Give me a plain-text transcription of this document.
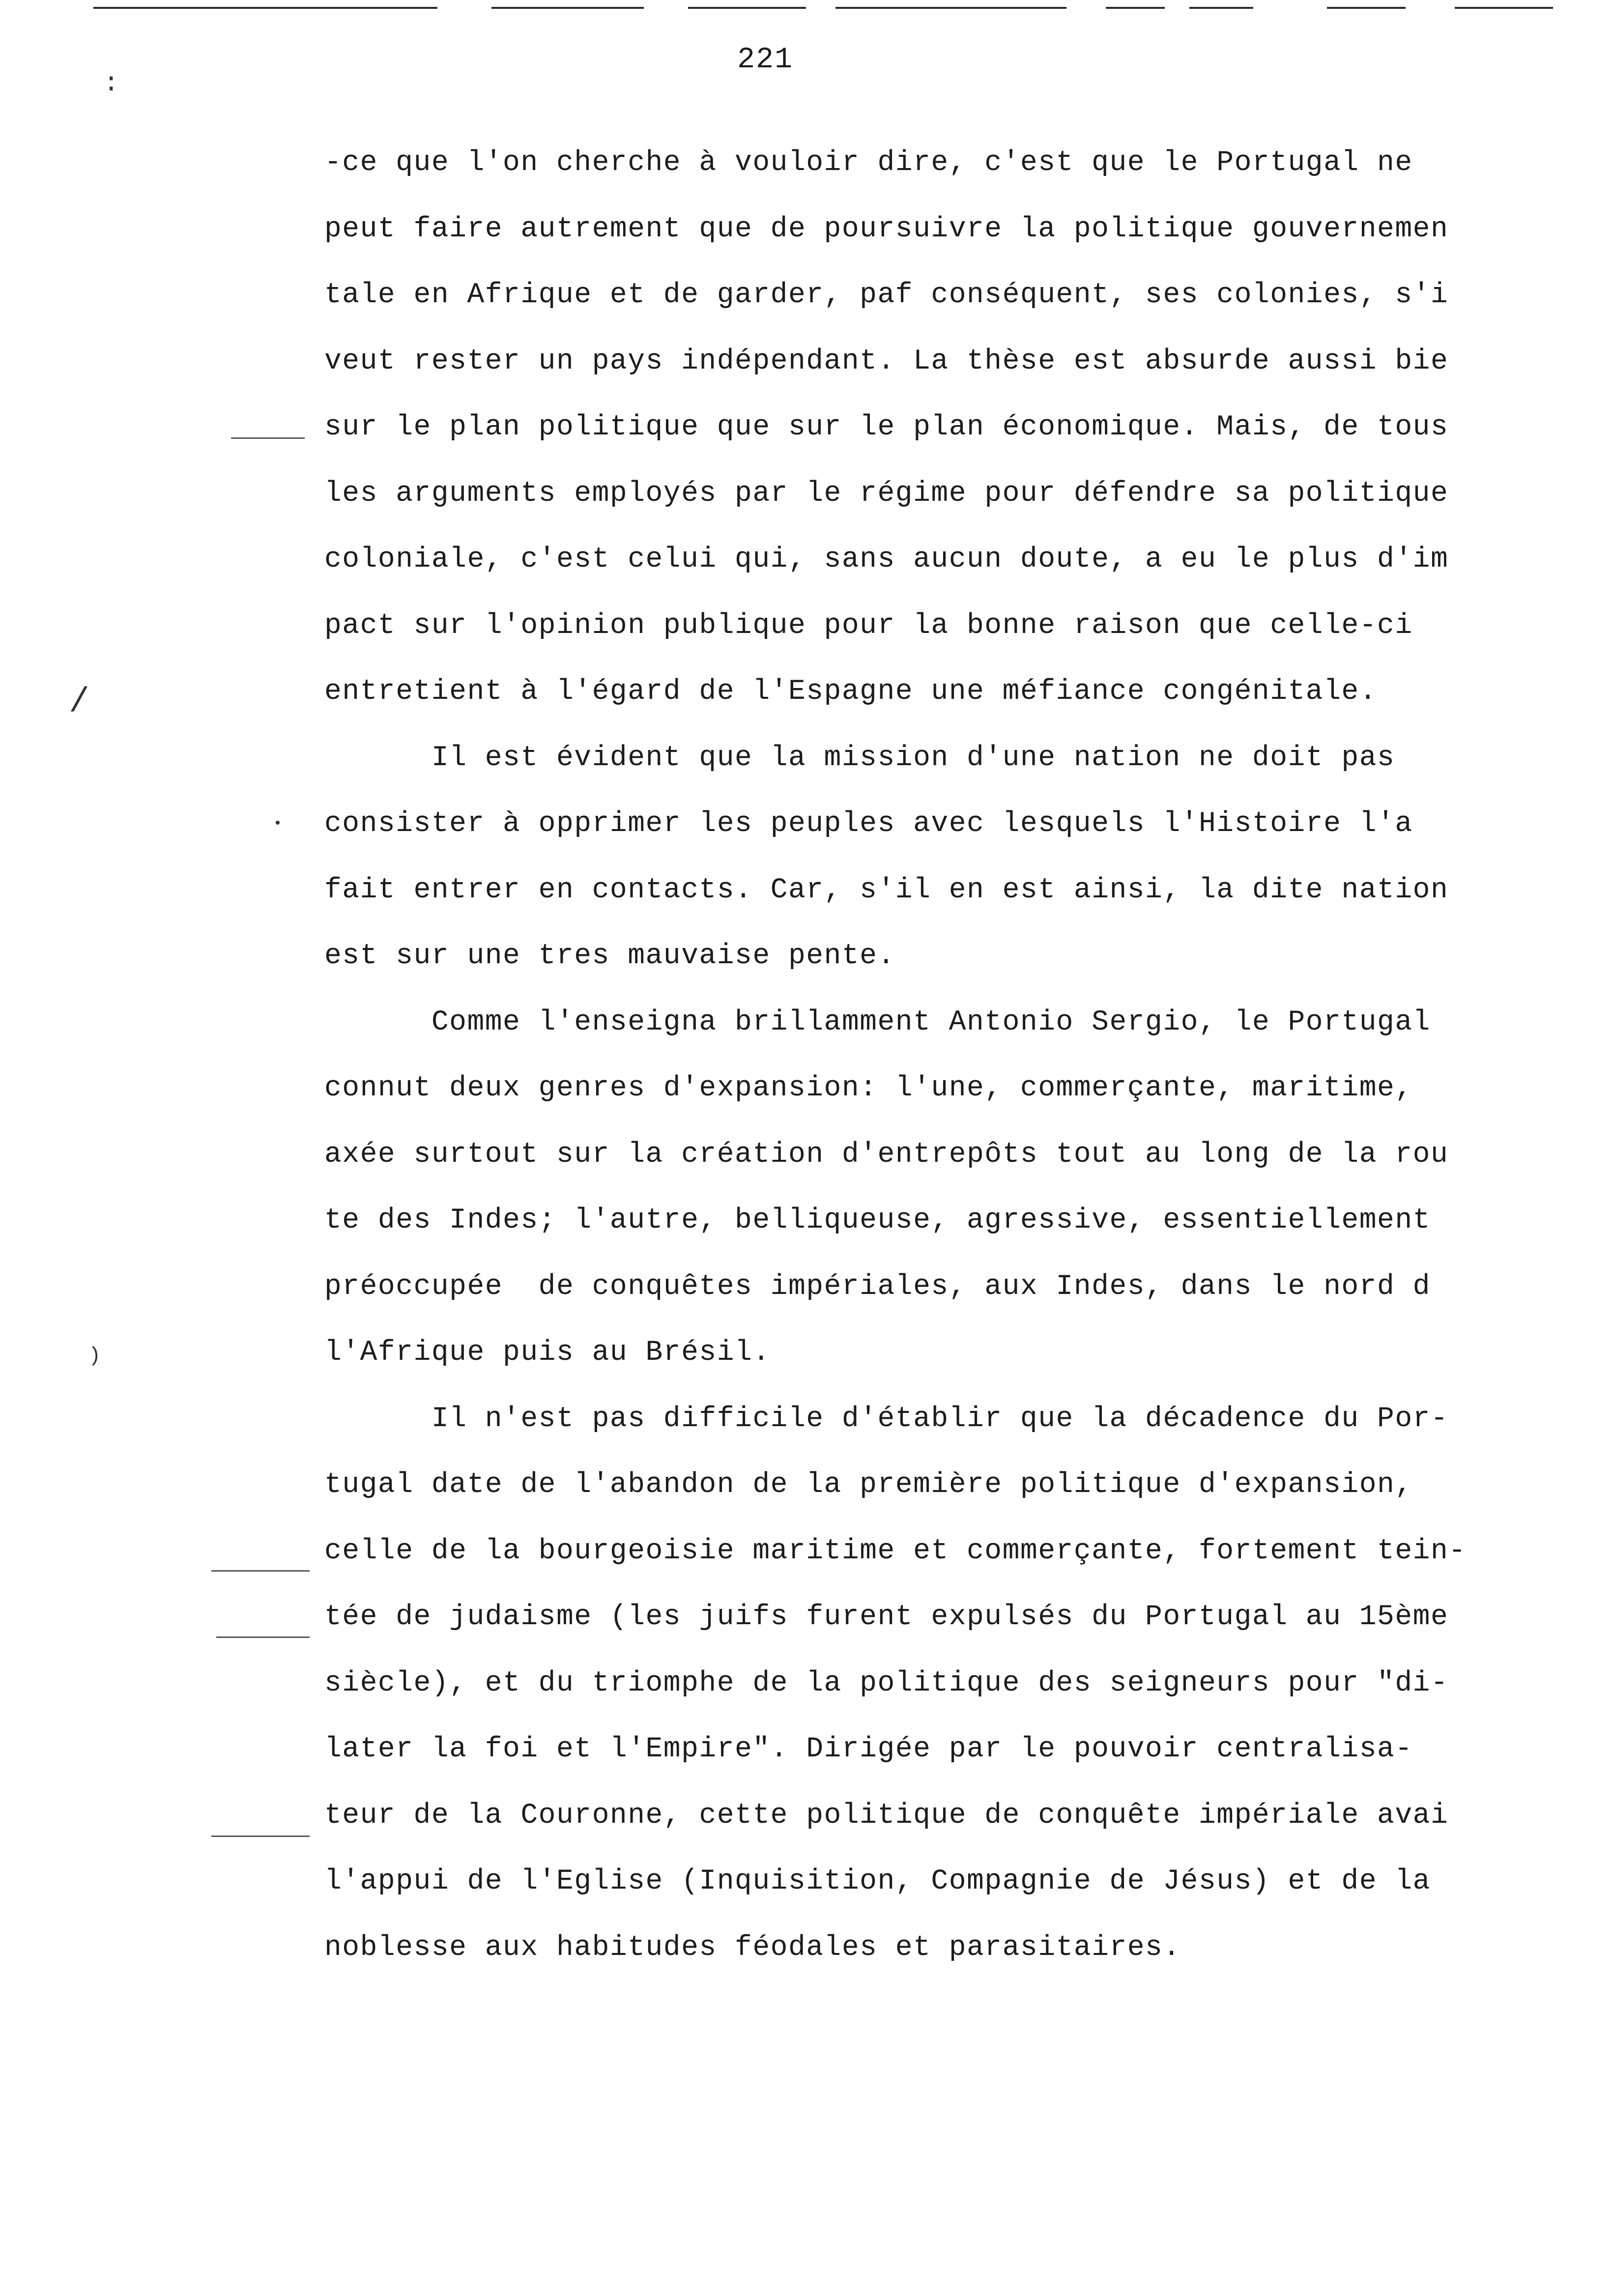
221
:
/
•
)
-ce que l'on cherche à vouloir dire, c'est que le Portugal ne
peut faire autrement que de poursuivre la politique gouvernemen
tale en Afrique et de garder, paf conséquent, ses colonies, s'i
veut rester un pays indépendant. La thèse est absurde aussi bie
sur le plan politique que sur le plan économique. Mais, de tous
les arguments employés par le régime pour défendre sa politique
coloniale, c'est celui qui, sans aucun doute, a eu le plus d'im
pact sur l'opinion publique pour la bonne raison que celle-ci
entretient à l'égard de l'Espagne une méfiance congénitale.
Il est évident que la mission d'une nation ne doit pas
consister à opprimer les peuples avec lesquels l'Histoire l'a
fait entrer en contacts. Car, s'il en est ainsi, la dite nation
est sur une tres mauvaise pente.
Comme l'enseigna brillamment Antonio Sergio, le Portugal
connut deux genres d'expansion: l'une, commerçante, maritime,
axée surtout sur la création d'entrepôts tout au long de la rou
te des Indes; l'autre, belliqueuse, agressive, essentiellement
préoccupée  de conquêtes impériales, aux Indes, dans le nord d
l'Afrique puis au Brésil.
Il n'est pas difficile d'établir que la décadence du Por-
tugal date de l'abandon de la première politique d'expansion,
celle de la bourgeoisie maritime et commerçante, fortement tein-
tée de judaisme (les juifs furent expulsés du Portugal au 15ème
siècle), et du triomphe de la politique des seigneurs pour "di-
later la foi et l'Empire". Dirigée par le pouvoir centralisa-
teur de la Couronne, cette politique de conquête impériale avai
l'appui de l'Eglise (Inquisition, Compagnie de Jésus) et de la
noblesse aux habitudes féodales et parasitaires.
